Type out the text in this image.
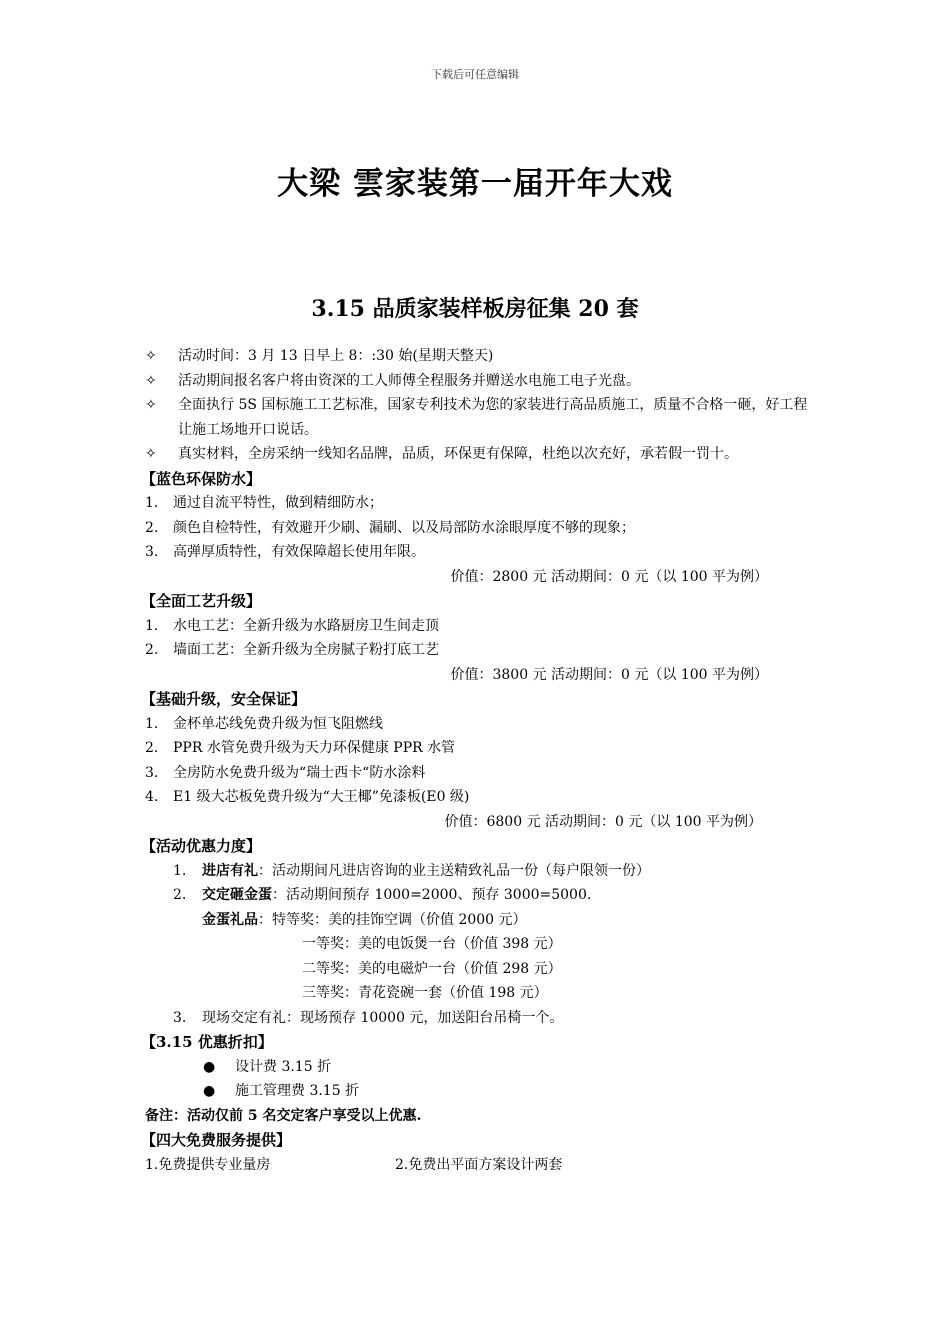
下载后可任意编辑
大梁 雲家装第一届开年大戏
3.15 品质家装样板房征集 20 套
✧ 活动时间：3 月 13 日早上 8：:30 始(星期天整天)
✧ 活动期间报名客户将由资深的工人师傅全程服务并赠送水电施工电子光盘。
✧ 全面执行 5S 国标施工工艺标准，国家专利技术为您的家装进行高品质施工，质量不合格一砸，好工程让施工场地开口说话。
✧ 真实材料，全房采纳一线知名品牌，品质，环保更有保障，杜绝以次充好，承若假一罚十。
【蓝色环保防水】
1. 通过自流平特性，做到精细防水；
2. 颜色自检特性，有效避开少刷、漏刷、以及局部防水涂眼厚度不够的现象；
3. 高弹厚质特性，有效保障超长使用年限。
价值：2800 元 活动期间：0 元（以 100 平为例）
【全面工艺升级】
1. 水电工艺：全新升级为水路厨房卫生间走顶
2. 墙面工艺：全新升级为全房腻子粉打底工艺
价值：3800 元 活动期间：0 元（以 100 平为例）
【基础升级，安全保证】
1. 金杯单芯线免费升级为恒飞阻燃线
2. PPR 水管免费升级为天力环保健康 PPR 水管
3. 全房防水免费升级为“瑞士西卡“防水涂料
4. E1 级大芯板免费升级为“大王椰”免漆板(E0 级)
价值：6800 元 活动期间：0 元（以 100 平为例）
【活动优惠力度】
1. 进店有礼：活动期间凡进店咨询的业主送精致礼品一份（每户限领一份）
2. 交定砸金蛋：活动期间预存 1000=2000、预存 3000=5000.
金蛋礼品：特等奖：美的挂饰空调（价值 2000 元）
一等奖：美的电饭煲一台（价值 398 元）
二等奖：美的电磁炉一台（价值 298 元）
三等奖：青花瓷碗一套（价值 198 元）
3. 现场交定有礼：现场预存 10000 元，加送阳台吊椅一个。
【3.15 优惠折扣】
● 设计费 3.15 折
● 施工管理费 3.15 折
备注：活动仅前 5 名交定客户享受以上优惠.
【四大免费服务提供】
1.免费提供专业量房	2.免费出平面方案设计两套
